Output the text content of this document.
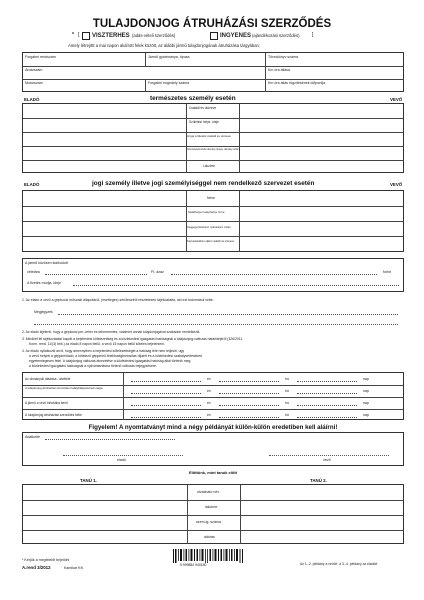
TULAJDONJOG ÁTRUHÁZÁSI SZERZŐDÉS
* [ VISZTERHES (adás-vételi szerződés)	INGYENES (ajándékozási szerződés)	]
Amely létrejött a mai napon alulírott felek között, az alábbi jármű tulajdonjogának átruházása tárgyában:
Forgalmi rendszám	Jármű gyártmánya, típusa	Törzskönyv száma
Alvázszám	Km óra állása
Motorszám	Forgalmi engedély száma	Km óra állás rögzítésének időpontja
természetes személy esetén
ELADÓ	VEVŐ
Családi és utóneve
Születési helye, ideje
Anyja születési családi és utóneve
Személyazonosító okmány típusa, okmány száma
Lakcíme
jogi személy illetve jogi személyiséggel nem rendelkező szervezet esetén
ELADÓ	VEVŐ
Neve
Székhelye/ telephelye címe
Cégjegyzékszám/ nyilvántart. szám
Képviseletében eljáró családi és utóneve
A jármű közösen kialkudott
vételára	Ft, azaz	forint
A fizetés módja, ideje
1. Az eladó a vevő a gépkocsi műszaki állapotáról, (esetleges) sérüléseiről részletesen tájékoztatta, aki ezt tudomásul vette.
Megjegyzés
2. Az eladó kijelenti, hogy a gépkocsi per-,teher és tehermentes, valamint annak tulajdonjogával szabadon rendelkezik.
3. Mindkét fél tájékoztatást kapott a bejelentési kötelezettség és a közlekedési igazgatási hatóságnál a tulajdonjog-változás határidejéről (326/2011.
Korm. rend. 11/(3) bek.) az eladó 8 napon belül, a vevő 15 napon belül köteles bejelenteni.
4. Az eladó nyilatkozik arról, hogy amennyiben a bejelentési kötelezettségét a hatóság felé nem teljesíti, úgy
a vevő helyett a gépjárműadó, a kötelező gépjármű-felelősségbiztosítás díjáért és a közlekedési szabálysértésekért
egyetemlegesen felel. A tulajdonjog változás átvezetése a közlekedési igazgatási hatóság által történik meg.
a közlekedési igazgatási hatóságnál a nyilvántartásba történő változás bejegyzésére.
Az okmányok átadása - átvétele
A tulajdonjog átruházási szerződés hatálybalépésének napja
A jármű a vevő birtokába kerül
A tulajdonjog átruházási szerződés kelte
év	hó	nap
év	hó	nap
év	hó	nap
év	hó	nap
Figyelem! A nyomtatványt mind a négy példányát külön-külön eredetiben kell aláírni!
Adatkelte
eladó	vevő
Előttünk, mint tanúk előtt
TANÚ 1.	TANÚ 2.
olvasható név
lakcíme
szem.ig. száma
aláírás
* Kérjük a megfelelőt bejelölni
A.rend 3/2012	Kamikar Kft.
Az 1.-2. példány a vevőé, a 3.-4. példány az eladóé.
5 999884 940180
